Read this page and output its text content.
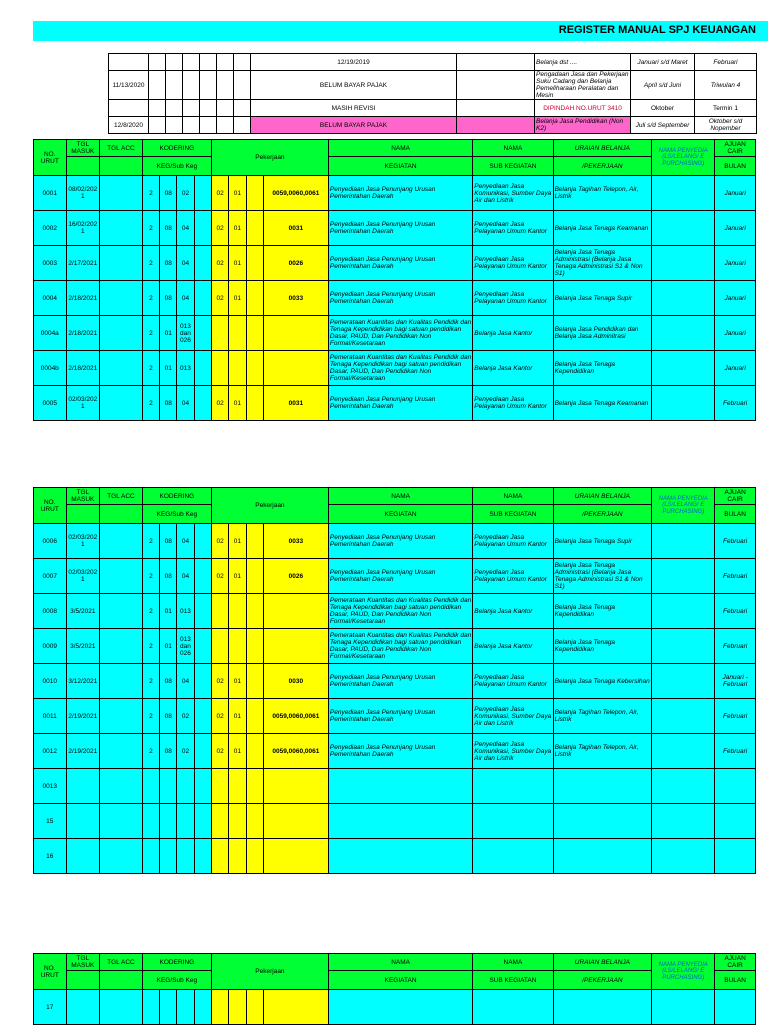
REGISTER MANUAL SPJ KEUANGAN
							12/19/2019		Belanja dst ....	Januari s/d Maret	Februari
11/13/2020							BELUM BAYAR PAJAK		Pengadaan Jasa dan Pekerjaan Suku Cadang dan Belanja Pemeliharaan Peralatan dan Mesin	April s/d Juni	Triwulan 4
							MASIH REVISI		DIPINDAH NO.URUT 3410	Oktober	Termin 1
12/8/2020							BELUM BAYAR PAJAK		Belanja Jasa Pendidikan (Non K2)	Juli s/d September	Oktober s/d Nopember
NO. URUT	TGL MASUK	TGL ACC	KODERING				Pekerjaan				NAMA	NAMA	URAIAN BELANJA	NAMA PENYEDIA (LS/LELANG/ E PURCHASING)	AJUAN CAIR
			KEG/Sub Keg								KEGIATAN	SUB KEGIATAN	/PEKERJAAN		BULAN
0001	08/02/2021		2	08	02		02	01		0059,0060,0061	Penyediaan Jasa Penunjang Urusan Pemerintahan Daerah	Penyediaan Jasa Komunikasi, Sumber Daya Air dan Listrik	Belanja Tagihan Telepon, Air, Listrik		Januari
0002	16/02/2021		2	08	04		02	01		0031	Penyediaan Jasa Penunjang Urusan Pemerintahan Daerah	Penyediaan Jasa Pelayanan Umum Kantor	Belanja Jasa Tenaga Keamanan		Januari
0003	2/17/2021		2	08	04		02	01		0026	Penyediaan Jasa Penunjang Urusan Pemerintahan Daerah	Penyediaan Jasa Pelayanan Umum Kantor	Belanja Jasa Tenaga Administrasi (Belanja Jasa Tenaga Administrasi S1 & Non S1)		Januari
0004	2/18/2021		2	08	04		02	01		0033	Penyediaan Jasa Penunjang Urusan Pemerintahan Daerah	Penyediaan Jasa Pelayanan Umum Kantor	Belanja Jasa Tenaga Supir		Januari
0004a	2/18/2021		2	01	013 dan 026						Pemerataan Kuantitas dan Kualitas Pendidik dan Tenaga Kependidikan bagi satuan pendidikan Dasar, PAUD, Dan Pendidikan Non Formal/Kesetaraan	Belanja Jasa Kantor	Belanja Jasa Pendidikan dan Belanja Jasa Adminitrasi		Januari
0004b	2/18/2021		2	01	013						Pemerataan Kuantitas dan Kualitas Pendidik dan Tenaga Kependidikan bagi satuan pendidikan Dasar, PAUD, Dan Pendidikan Non Formal/Kesetaraan	Belanja Jasa Kantor	Belanja Jasa Tenaga Kependidikan		Januari
0005	02/03/2021		2	08	04		02	01		0031	Penyediaan Jasa Penunjang Urusan Pemerintahan Daerah	Penyediaan Jasa Pelayanan Umum Kantor	Belanja Jasa Tenaga Keamanan		Februari
NO. URUT	TGL MASUK	TGL ACC	KODERING				Pekerjaan				NAMA	NAMA	URAIAN BELANJA	NAMA PENYEDIA (LS/LELANG/ E PURCHASING)	AJUAN CAIR
			KEG/Sub Keg								KEGIATAN	SUB KEGIATAN	/PEKERJAAN		BULAN
0006	02/03/2021		2	08	04		02	01		0033	Penyediaan Jasa Penunjang Urusan Pemerintahan Daerah	Penyediaan Jasa Pelayanan Umum Kantor	Belanja Jasa Tenaga Supir		Februari
0007	02/03/2021		2	08	04		02	01		0026	Penyediaan Jasa Penunjang Urusan Pemerintahan Daerah	Penyediaan Jasa Pelayanan Umum Kantor	Belanja Jasa Tenaga Administrasi (Belanja Jasa Tenaga Administrasi S1 & Non S1)		Februari
0008	3/5/2021		2	01	013						Pemerataan Kuantitas dan Kualitas Pendidik dan Tenaga Kependidikan bagi satuan pendidikan Dasar, PAUD, Dan Pendidikan Non Formal/Kesetaraan	Belanja Jasa Kantor	Belanja Jasa Tenaga Kependidikan		Februari
0009	3/5/2021		2	01	013 dan 026						Pemerataan Kuantitas dan Kualitas Pendidik dan Tenaga Kependidikan bagi satuan pendidikan Dasar, PAUD, Dan Pendidikan Non Formal/Kesetaraan	Belanja Jasa Kantor	Belanja Jasa Tenaga Kependidikan		Februari
0010	3/12/2021		2	08	04		02	01		0030	Penyediaan Jasa Penunjang Urusan Pemerintahan Daerah	Penyediaan Jasa Pelayanan Umum Kantor	Belanja Jasa Tenaga Kebersihan		Januari - Februari
0011	2/19/2021		2	08	02		02	01		0059,0060,0061	Penyediaan Jasa Penunjang Urusan Pemerintahan Daerah	Penyediaan Jasa Komunikasi, Sumber Daya Air dan Listrik	Belanja Tagihan Telepon, Air, Listrik		Februari
0012	2/19/2021		2	08	02		02	01		0059,0060,0061	Penyediaan Jasa Penunjang Urusan Pemerintahan Daerah	Penyediaan Jasa Komunikasi, Sumber Daya Air dan Listrik	Belanja Tagihan Telepon, Air, Listrik		Februari
0013															
15															
16															
NO. URUT	TGL MASUK	TGL ACC	KODERING				Pekerjaan				NAMA	NAMA	URAIAN BELANJA	NAMA PENYEDIA (LS/LELANG/ E PURCHASING)	AJUAN CAIR
			KEG/Sub Keg								KEGIATAN	SUB KEGIATAN	/PEKERJAAN		BULAN
17															
